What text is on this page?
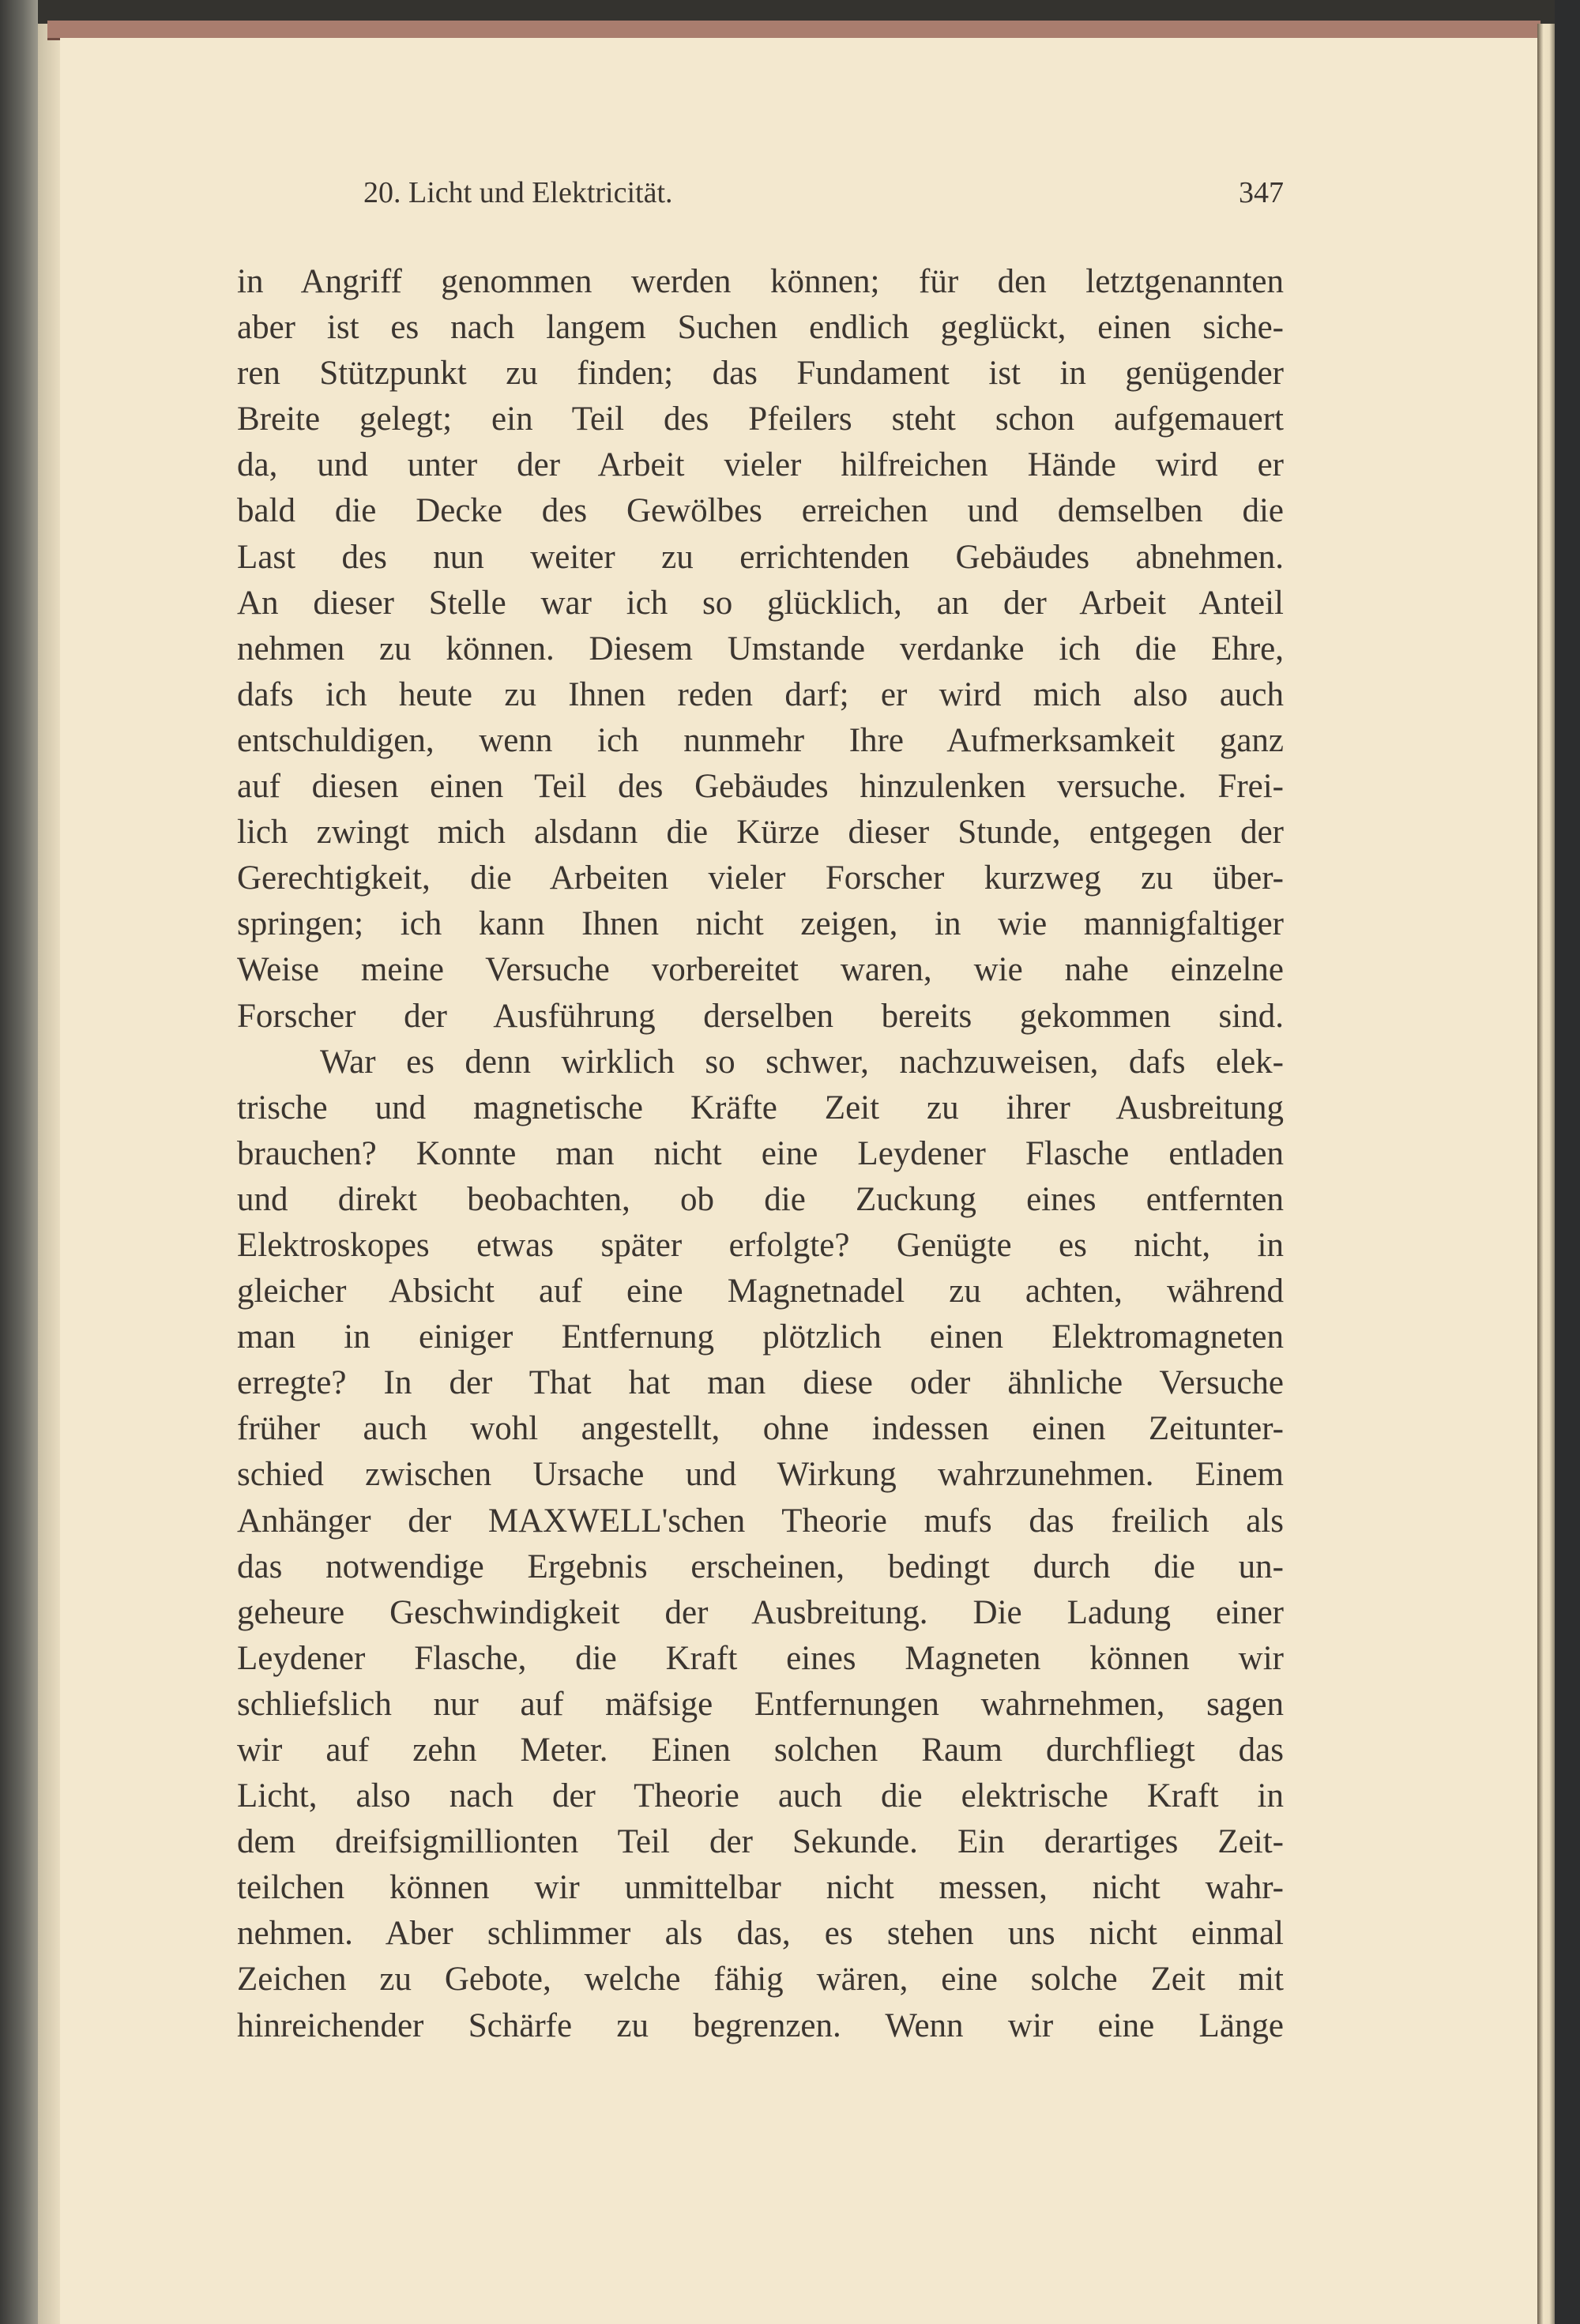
20. Licht und Elektricität.	347
in Angriff genommen werden können; für den letztgenannten
aber ist es nach langem Suchen endlich geglückt, einen siche-
ren Stützpunkt zu finden; das Fundament ist in genügender
Breite gelegt; ein Teil des Pfeilers steht schon aufgemauert
da, und unter der Arbeit vieler hilfreichen Hände wird er
bald die Decke des Gewölbes erreichen und demselben die
Last des nun weiter zu errichtenden Gebäudes abnehmen.
An dieser Stelle war ich so glücklich, an der Arbeit Anteil
nehmen zu können. Diesem Umstande verdanke ich die Ehre,
dafs ich heute zu Ihnen reden darf; er wird mich also auch
entschuldigen, wenn ich nunmehr Ihre Aufmerksamkeit ganz
auf diesen einen Teil des Gebäudes hinzulenken versuche. Frei-
lich zwingt mich alsdann die Kürze dieser Stunde, entgegen der
Gerechtigkeit, die Arbeiten vieler Forscher kurzweg zu über-
springen; ich kann Ihnen nicht zeigen, in wie mannigfaltiger
Weise meine Versuche vorbereitet waren, wie nahe einzelne
Forscher der Ausführung derselben bereits gekommen sind.
War es denn wirklich so schwer, nachzuweisen, dafs elek-
trische und magnetische Kräfte Zeit zu ihrer Ausbreitung
brauchen? Konnte man nicht eine Leydener Flasche entladen
und direkt beobachten, ob die Zuckung eines entfernten
Elektroskopes etwas später erfolgte? Genügte es nicht, in
gleicher Absicht auf eine Magnetnadel zu achten, während
man in einiger Entfernung plötzlich einen Elektromagneten
erregte? In der That hat man diese oder ähnliche Versuche
früher auch wohl angestellt, ohne indessen einen Zeitunter-
schied zwischen Ursache und Wirkung wahrzunehmen. Einem
Anhänger der MAXWELL'schen Theorie mufs das freilich als
das notwendige Ergebnis erscheinen, bedingt durch die un-
geheure Geschwindigkeit der Ausbreitung. Die Ladung einer
Leydener Flasche, die Kraft eines Magneten können wir
schliefslich nur auf mäfsige Entfernungen wahrnehmen, sagen
wir auf zehn Meter. Einen solchen Raum durchfliegt das
Licht, also nach der Theorie auch die elektrische Kraft in
dem dreifsigmillionten Teil der Sekunde. Ein derartiges Zeit-
teilchen können wir unmittelbar nicht messen, nicht wahr-
nehmen. Aber schlimmer als das, es stehen uns nicht einmal
Zeichen zu Gebote, welche fähig wären, eine solche Zeit mit
hinreichender Schärfe zu begrenzen. Wenn wir eine Länge
